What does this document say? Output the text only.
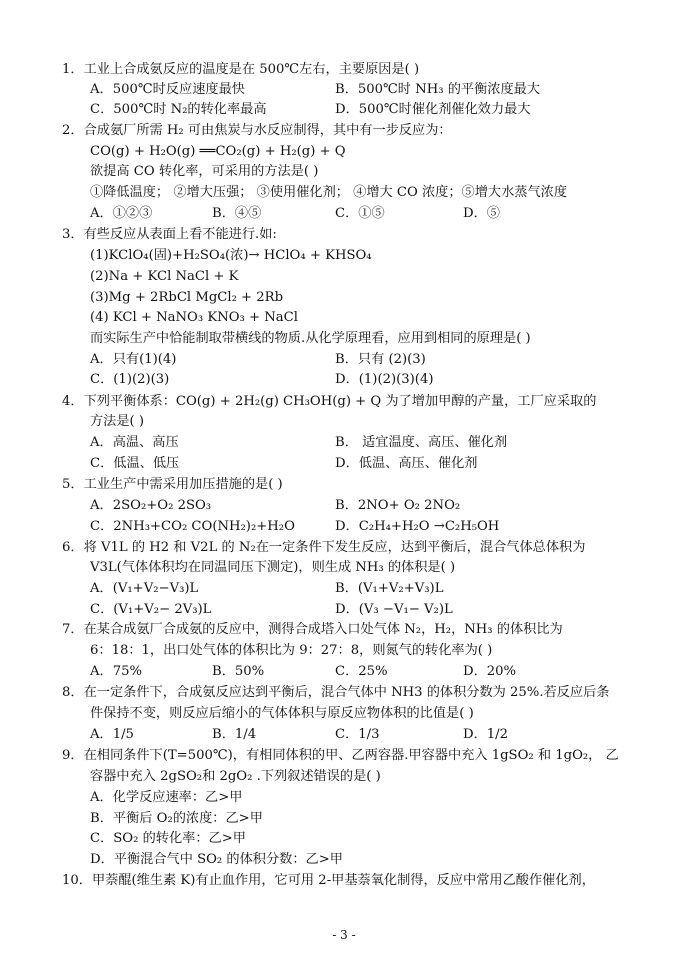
1．工业上合成氨反应的温度是在 500℃左右，主要原因是( )
A．500℃时反应速度最快	B．500℃时 NH₃ 的平衡浓度最大
C．500℃时 N₂的转化率最高	D．500℃时催化剂催化效力最大
2．合成氨厂所需 H₂ 可由焦炭与水反应制得，其中有一步反应为：
CO(g) + H₂O(g) ══CO₂(g) + H₂(g) + Q
欲提高 CO 转化率，可采用的方法是( )
①降低温度； ②增大压强； ③使用催化剂； ④增大 CO 浓度；⑤增大水蒸气浓度
A．①②③	B．④⑤	C．①⑤	D．⑤
3．有些反应从表面上看不能进行.如:
(1)KClO₄(固)+H₂SO₄(浓)→ HClO₄ + KHSO₄
(2)Na + KCl NaCl + K
(3)Mg + 2RbCl MgCl₂ + 2Rb
(4) KCl + NaNO₃ KNO₃ + NaCl
而实际生产中恰能制取带横线的物质.从化学原理看，应用到相同的原理是( )
A．只有(1)(4)	B．只有 (2)(3)
C．(1)(2)(3)	D．(1)(2)(3)(4)
4．下列平衡体系：CO(g) + 2H₂(g) CH₃OH(g) + Q 为了增加甲醇的产量，工厂应采取的
方法是( )
A．高温、高压	B． 适宜温度、高压、催化剂
C．低温、低压	D．低温、高压、催化剂
5．工业生产中需采用加压措施的是( )
A．2SO₂+O₂ 2SO₃	B．2NO+ O₂ 2NO₂
C．2NH₃+CO₂ CO(NH₂)₂+H₂O	D．C₂H₄+H₂O →C₂H₅OH
6．将 V1L 的 H2 和 V2L 的 N₂在一定条件下发生反应，达到平衡后，混合气体总体积为
V3L(气体体积均在同温同压下测定)，则生成 NH₃ 的体积是( )
A．(V₁+V₂−V₃)L	B．(V₁+V₂+V₃)L
C．(V₁+V₂− 2V₃)L	D．(V₃ −V₁− V₂)L
7．在某合成氨厂合成氨的反应中，测得合成塔入口处气体 N₂，H₂，NH₃ 的体积比为
6：18：1，出口处气体的体积比为 9：27：8，则氮气的转化率为( )
A．75%	B．50%	C．25%	D．20%
8．在一定条件下，合成氨反应达到平衡后，混合气体中 NH3 的体积分数为 25%.若反应后条
件保持不变，则反应后缩小的气体体积与原反应物体积的比值是( )
A．1/5	B．1/4	C．1/3	D．1/2
9．在相同条件下(T=500℃)，有相同体积的甲、乙两容器.甲容器中充入 1gSO₂ 和 1gO₂， 乙
容器中充入 2gSO₂和 2gO₂ .下列叙述错误的是( )
A．化学反应速率：乙>甲
B．平衡后 O₂的浓度：乙>甲
C．SO₂ 的转化率：乙>甲
D．平衡混合气中 SO₂ 的体积分数：乙>甲
10．甲萘醌(维生素 K)有止血作用，它可用 2-甲基萘氧化制得，反应中常用乙酸作催化剂，
- 3 -
